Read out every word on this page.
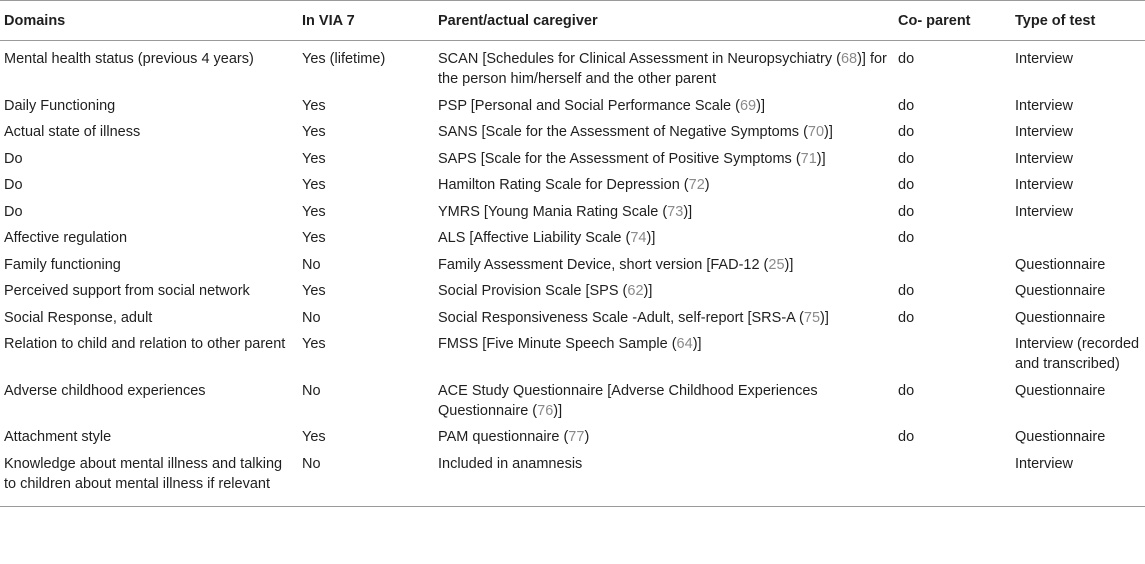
Domains	In VIA 7	Parent/actual caregiver	Co- parent	Type of test
Mental health status (previous 4 years)	Yes (lifetime)	SCAN [Schedules for Clinical Assessment in Neuropsychiatry (68)] for the person him/herself and the other parent	do	Interview
Daily Functioning	Yes	PSP [Personal and Social Performance Scale (69)]	do	Interview
Actual state of illness	Yes	SANS [Scale for the Assessment of Negative Symptoms (70)]	do	Interview
Do	Yes	SAPS [Scale for the Assessment of Positive Symptoms (71)]	do	Interview
Do	Yes	Hamilton Rating Scale for Depression (72)	do	Interview
Do	Yes	YMRS [Young Mania Rating Scale (73)]	do	Interview
Affective regulation	Yes	ALS [Affective Liability Scale (74)]	do	
Family functioning	No	Family Assessment Device, short version [FAD-12 (25)]		Questionnaire
Perceived support from social network	Yes	Social Provision Scale [SPS (62)]	do	Questionnaire
Social Response, adult	No	Social Responsiveness Scale -Adult, self-report [SRS-A (75)]	do	Questionnaire
Relation to child and relation to other parent	Yes	FMSS [Five Minute Speech Sample (64)]		Interview (recorded and transcribed)
Adverse childhood experiences	No	ACE Study Questionnaire [Adverse Childhood Experiences Questionnaire (76)]	do	Questionnaire
Attachment style	Yes	PAM questionnaire (77)	do	Questionnaire
Knowledge about mental illness and talking to children about mental illness if relevant	No	Included in anamnesis		Interview
